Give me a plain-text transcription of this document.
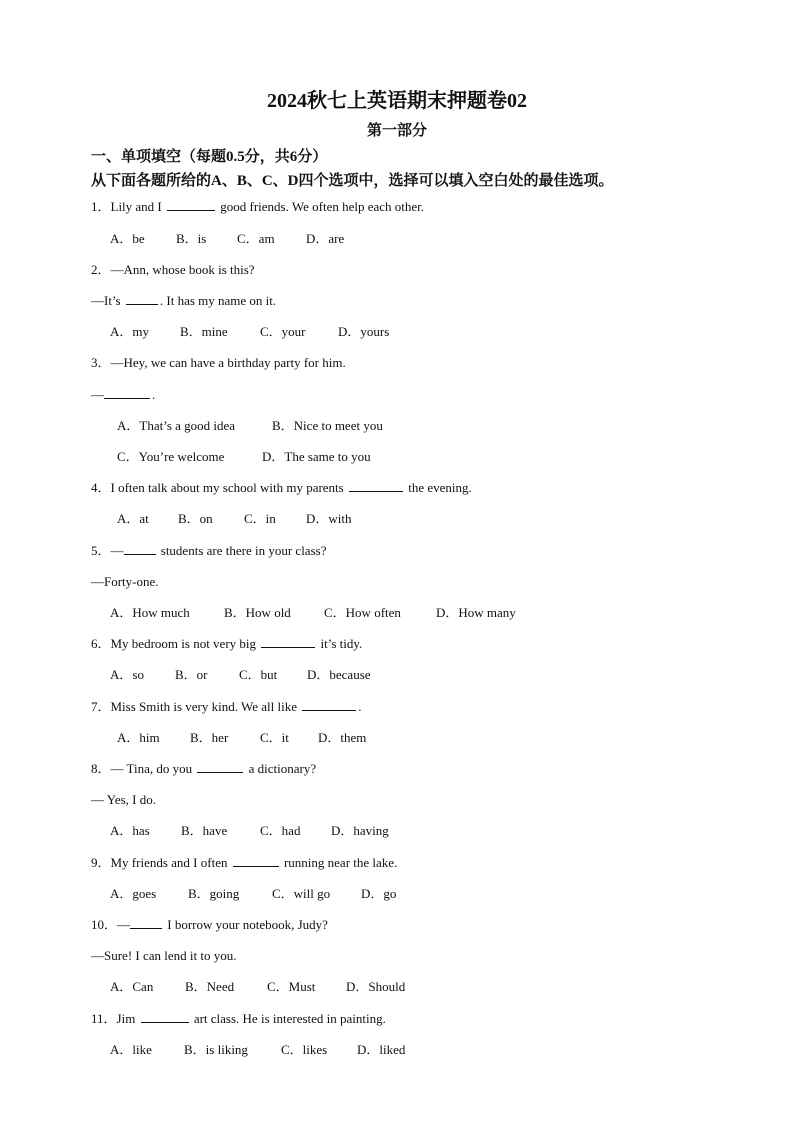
2024秋七上英语期末押题卷02
第一部分
一、单项填空（每题0.5分，共6分）
从下面各题所给的A、B、C、D四个选项中，选择可以填入空白处的最佳选项。
1．Lily and I	good friends. We often help each other.
A．be B．is C．am D．are
2．—Ann, whose book is this?
—It’s	. It has my name on it.
A．my B．mine C．your D．yours
3．—Hey, we can have a birthday party for him.
—	.
A．That’s a good idea	B．Nice to meet you
C．You’re welcome	D．The same to you
4．I often talk about my school with my parents	the evening.
A．at B．on C．in D．with
5．—	students are there in your class?
—Forty-one.
A．How much	B．How old	C．How often	D．How many
6．My bedroom is not very big	it’s tidy.
A．so B．or C．but D．because
7．Miss Smith is very kind. We all like	.
A．him B．her C．it D．them
8．— Tina, do you	a dictionary?
— Yes, I do.
A．has B．have	C．had D．having
9．My friends and I often	running near the lake.
A．goes B．going	C．will go D．go
10．—	I borrow your notebook, Judy?
—Sure! I can lend it to you.
A．Can B．Need	C．Must D．Should
11．Jim	art class. He is interested in painting.
A．like B．is liking	C．likes D．liked
